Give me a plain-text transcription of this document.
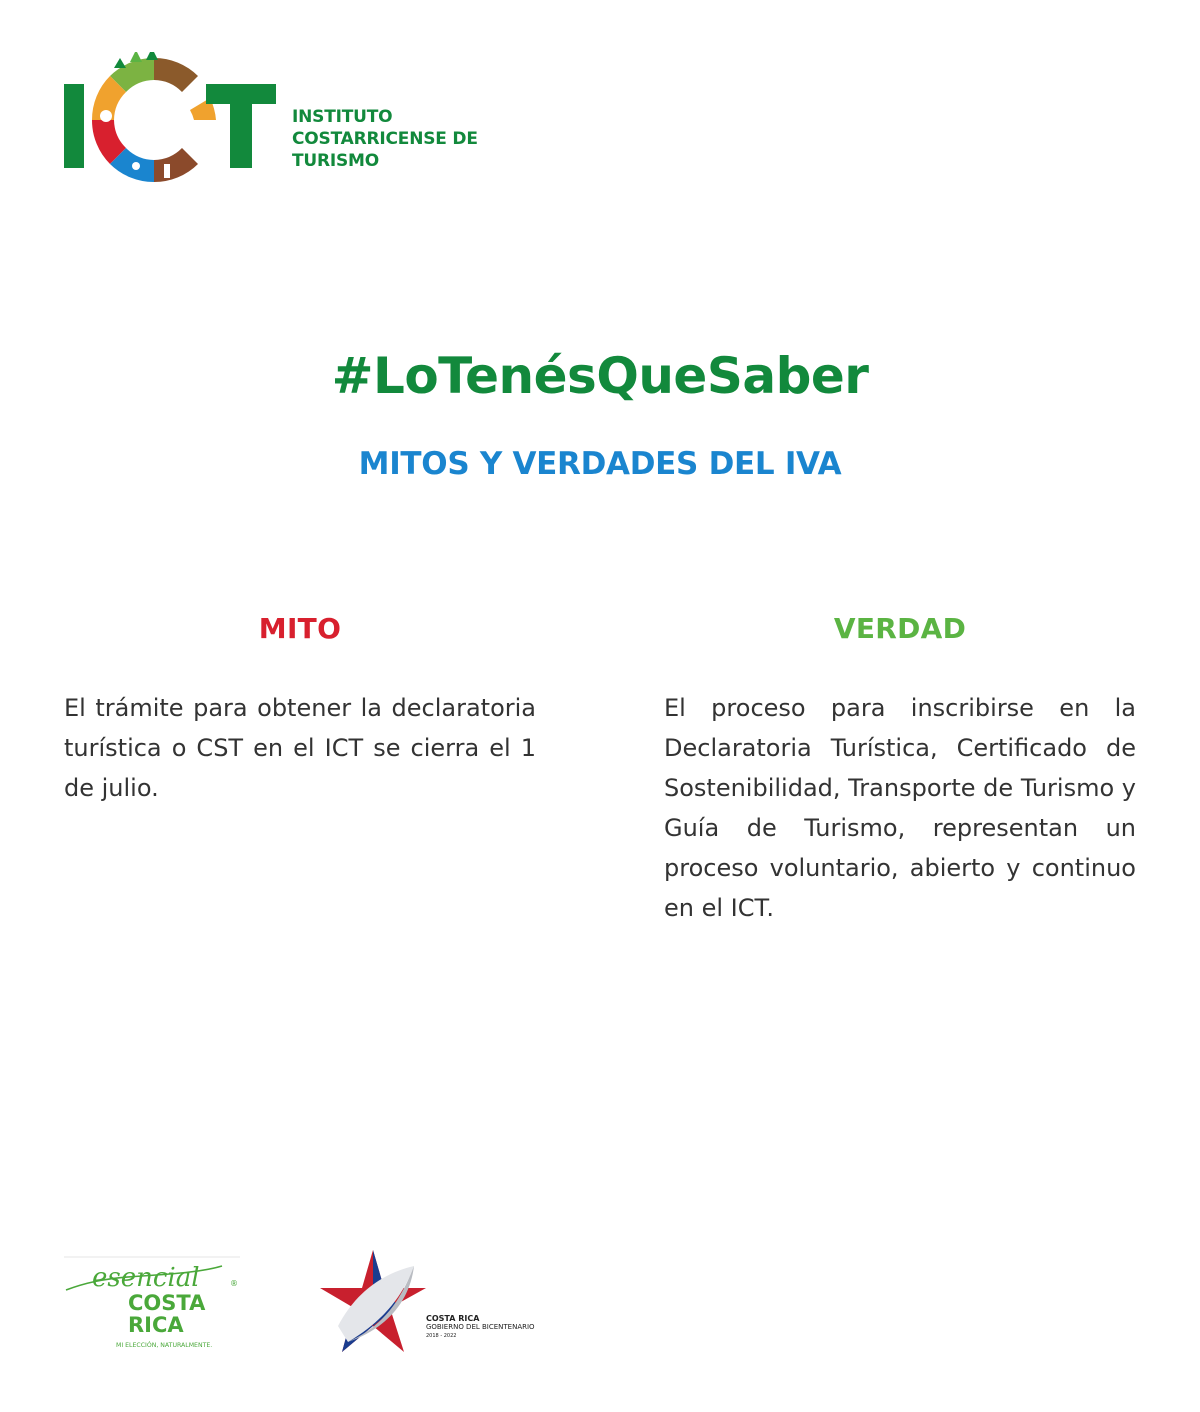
INSTITUTO
COSTARRICENSE DE
TURISMO
#LoTenésQueSaber
MITOS Y VERDADES DEL IVA
MITO
El trámite para obtener la declaratoria turística o CST en el ICT se cierra el 1 de julio.
VERDAD
El proceso para inscribirse en la Declaratoria Turística, Certificado de Sostenibilidad, Transporte de Turismo y Guía de Turismo, representan un proceso voluntario, abierto y continuo en el ICT.
esencial	®
COSTA
RICA
MI ELECCIÓN, NATURALMENTE.
COSTA RICA
GOBIERNO DEL BICENTENARIO
2018 - 2022
